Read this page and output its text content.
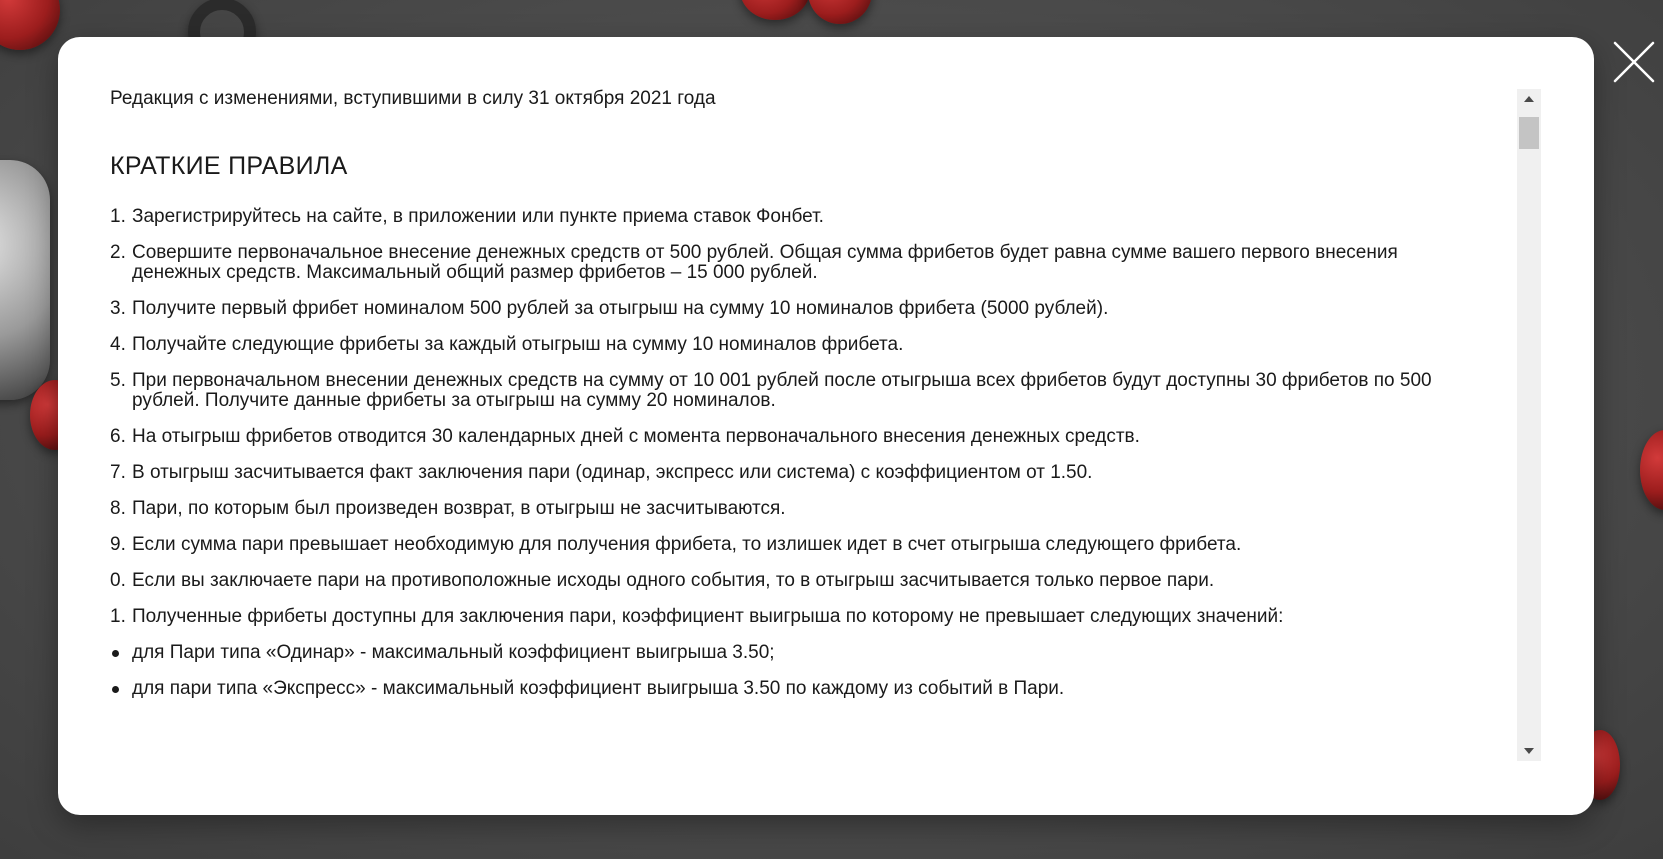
Редакция с изменениями, вступившими в силу 31 октября 2021 года
КРАТКИЕ ПРАВИЛА
1. Зарегистрируйтесь на сайте, в приложении или пункте приема ставок Фонбет.
2. Совершите первоначальное внесение денежных средств от 500 рублей. Общая сумма фрибетов будет равна сумме вашего первого внесения денежных средств. Максимальный общий размер фрибетов – 15 000 рублей.
3. Получите первый фрибет номиналом 500 рублей за отыгрыш на сумму 10 номиналов фрибета (5000 рублей).
4. Получайте следующие фрибеты за каждый отыгрыш на сумму 10 номиналов фрибета.
5. При первоначальном внесении денежных средств на сумму от 10 001 рублей после отыгрыша всех фрибетов будут доступны 30 фрибетов по 500 рублей. Получите данные фрибеты за отыгрыш на сумму 20 номиналов.
6. На отыгрыш фрибетов отводится 30 календарных дней с момента первоначального внесения денежных средств.
7. В отыгрыш засчитывается факт заключения пари (одинар, экспресс или система) с коэффициентом от 1.50.
8. Пари, по которым был произведен возврат, в отыгрыш не засчитываются.
9. Если сумма пари превышает необходимую для получения фрибета, то излишек идет в счет отыгрыша следующего фрибета.
0. Если вы заключаете пари на противоположные исходы одного события, то в отыгрыш засчитывается только первое пари.
1. Полученные фрибеты доступны для заключения пари, коэффициент выигрыша по которому не превышает следующих значений:
для Пари типа «Одинар» - максимальный коэффициент выигрыша 3.50;
для пари типа «Экспресс» - максимальный коэффициент выигрыша 3.50 по каждому из событий в Пари.
